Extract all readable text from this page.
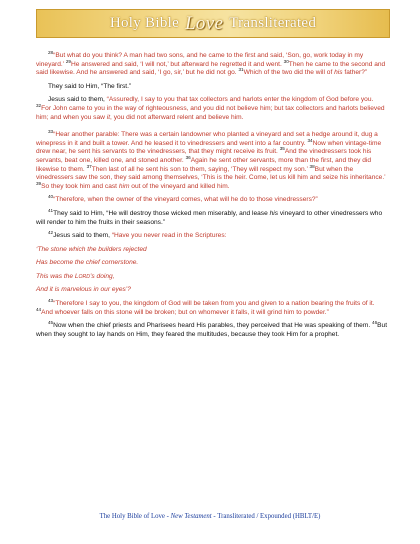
Holy Bible Love Transliterated

$^{28}$“But what do you think? A man had two sons, and he came to the first and said, ‘Son, go, work today in my vineyard.’ $^{29}$He answered and said, ‘I will not,’ but afterward he regretted it and went. $^{30}$Then he came to the second and said likewise. And he answered and said, ‘I go, sir,’ but he did not go. $^{31}$Which of the two did the will of his father?”

They said to Him, “The first.”

Jesus said to them, “Assuredly, I say to you that tax collectors and harlots enter the kingdom of God before you. $^{32}$For John came to you in the way of righteousness, and you did not believe him; but tax collectors and harlots believed him; and when you saw it, you did not afterward relent and believe him.

$^{33}$“Hear another parable: There was a certain landowner who planted a vineyard and set a hedge around it, dug a winepress in it and built a tower. And he leased it to vinedressers and went into a far country. $^{34}$Now when vintage-time drew near, he sent his servants to the vinedressers, that they might receive its fruit. $^{35}$And the vinedressers took his servants, beat one, killed one, and stoned another. $^{36}$Again he sent other servants, more than the first, and they did likewise to them. $^{37}$Then last of all he sent his son to them, saying, ‘They will respect my son.’ $^{38}$But when the vinedressers saw the son, they said among themselves, ‘This is the heir. Come, let us kill him and seize his inheritance.’ $^{39}$So they took him and cast him out of the vineyard and killed him.

$^{40}$“Therefore, when the owner of the vineyard comes, what will he do to those vinedressers?”

$^{41}$They said to Him, “He will destroy those wicked men miserably, and lease his vineyard to other vinedressers who will render to him the fruits in their seasons.”

$^{42}$Jesus said to them, “Have you never read in the Scriptures:

‘The stone which the builders rejected

Has become the chief cornerstone.

This was the LORD’s doing,

And it is marvelous in our eyes’?

$^{43}$“Therefore I say to you, the kingdom of God will be taken from you and given to a nation bearing the fruits of it. $^{44}$And whoever falls on this stone will be broken; but on whomever it falls, it will grind him to powder.”

$^{45}$Now when the chief priests and Pharisees heard His parables, they perceived that He was speaking of them. $^{46}$But when they sought to lay hands on Him, they feared the multitudes, because they took Him for a prophet.

The Holy Bible of Love - New Testament - Transliterated / Expounded (HBLT/E)
